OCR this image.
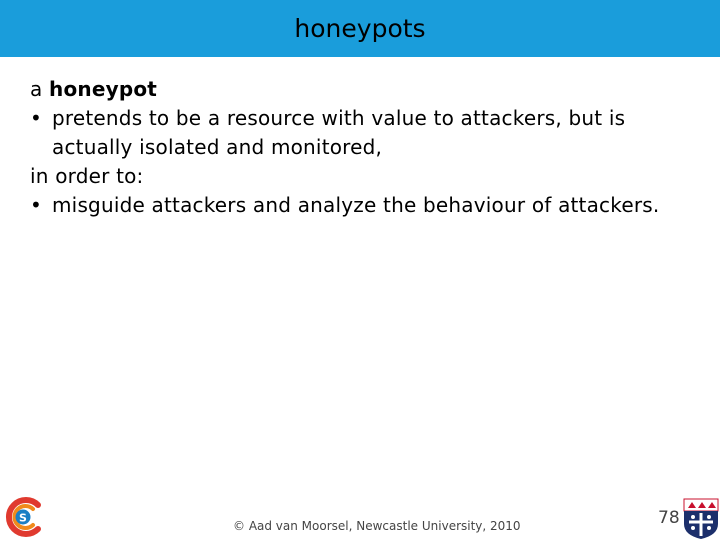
honeypots
a honeypot
• pretends to be a resource with value to attackers, but is
actually isolated and monitored,
in order to:
• misguide attackers and analyze the behaviour of attackers.
S
© Aad van Moorsel, Newcastle University, 2010	78
